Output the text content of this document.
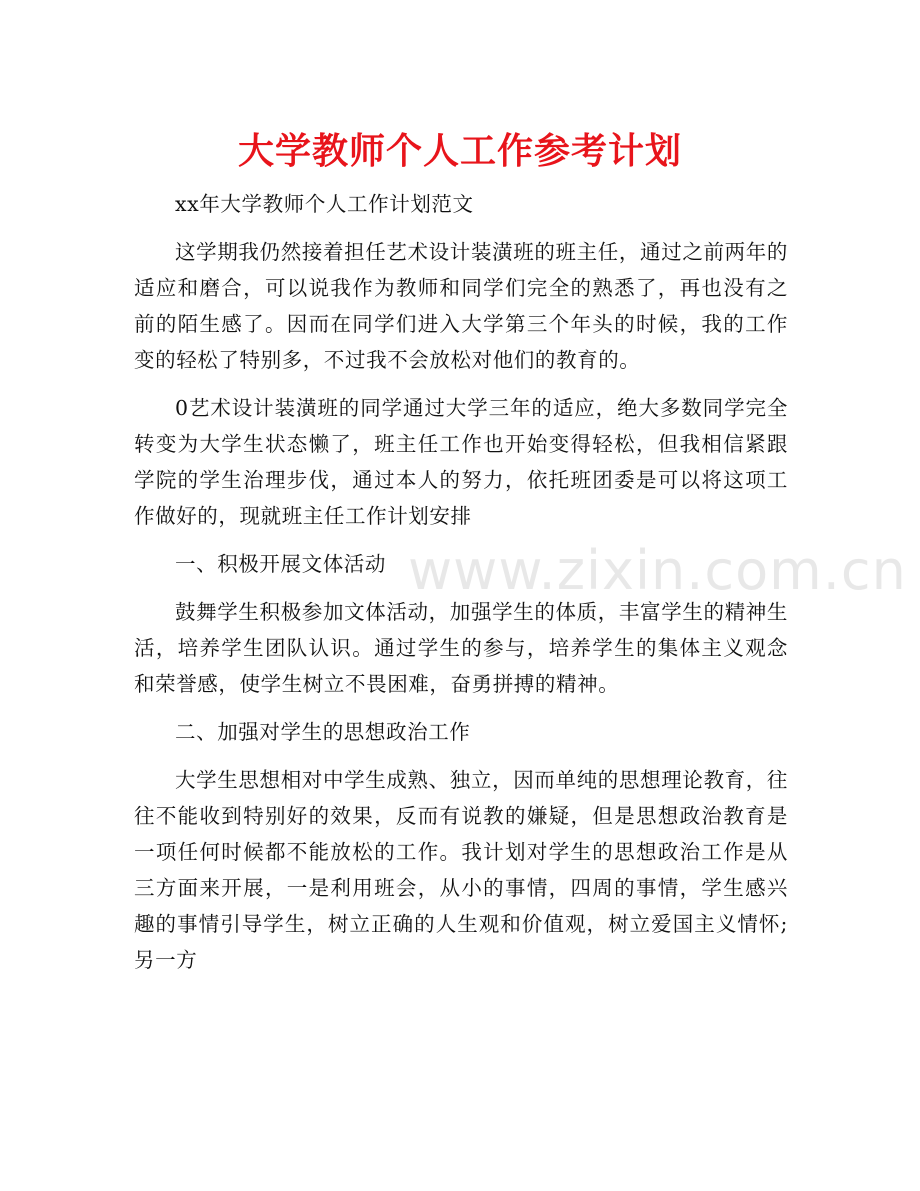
大学教师个人工作参考计划

xx年大学教师个人工作计划范文

这学期我仍然接着担任艺术设计装潢班的班主任，通过之前两年的适应和磨合，可以说我作为教师和同学们完全的熟悉了，再也没有之前的陌生感了。因而在同学们进入大学第三个年头的时候，我的工作变的轻松了特别多，不过我不会放松对他们的教育的。

0艺术设计装潢班的同学通过大学三年的适应，绝大多数同学完全转变为大学生状态懒了，班主任工作也开始变得轻松，但我相信紧跟学院的学生治理步伐，通过本人的努力，依托班团委是可以将这项工作做好的，现就班主任工作计划安排

一、积极开展文体活动

鼓舞学生积极参加文体活动，加强学生的体质，丰富学生的精神生活，培养学生团队认识。通过学生的参与，培养学生的集体主义观念和荣誉感，使学生树立不畏困难，奋勇拼搏的精神。

二、加强对学生的思想政治工作

大学生思想相对中学生成熟、独立，因而单纯的思想理论教育，往往不能收到特别好的效果，反而有说教的嫌疑，但是思想政治教育是一项任何时候都不能放松的工作。我计划对学生的思想政治工作是从三方面来开展，一是利用班会，从小的事情，四周的事情，学生感兴趣的事情引导学生，树立正确的人生观和价值观，树立爱国主义情怀;另一方

www.zixin.com.cn
